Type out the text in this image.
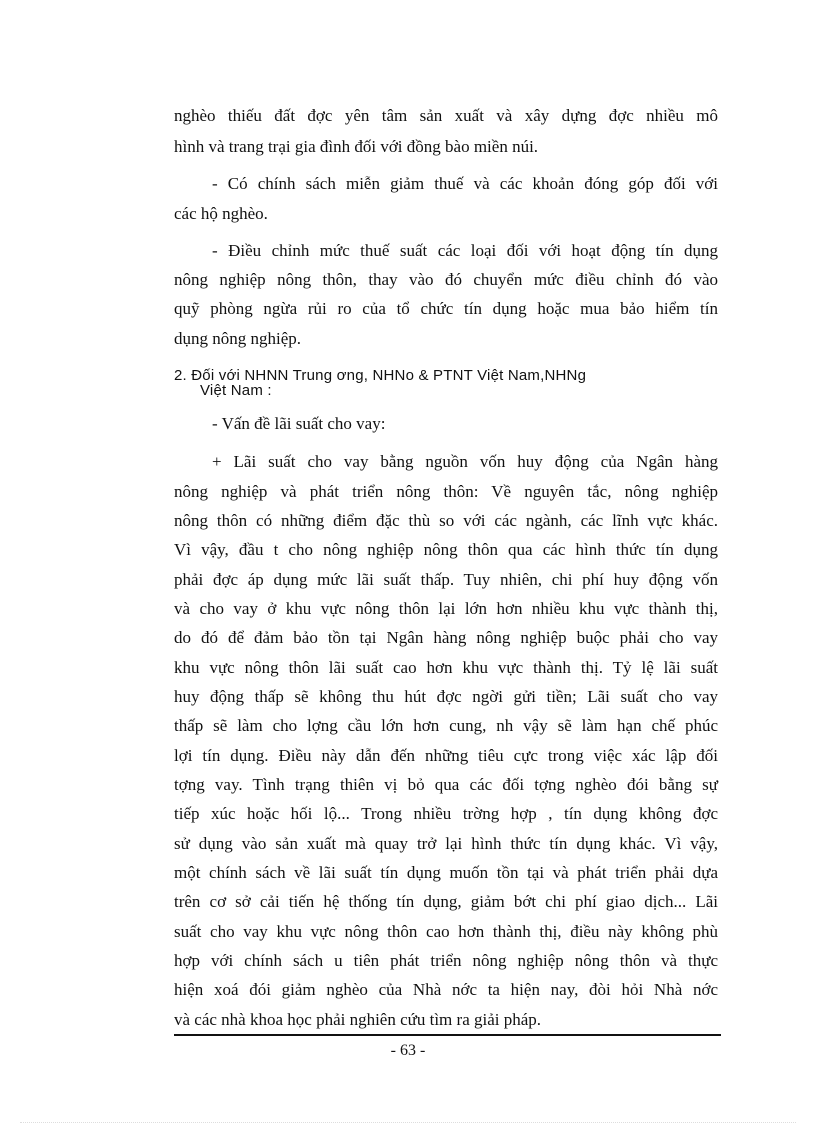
nghèo thiếu đất đợc yên tâm sản xuất và xây dựng đợc nhiều mô
hình và trang trại gia đình đối với đồng bào miền núi.
- Có chính sách miễn giảm thuế và các khoản đóng góp đối với
các hộ nghèo.
- Điều chỉnh mức thuế suất các loại đối với hoạt động tín dụng
nông nghiệp nông thôn, thay vào đó chuyển mức điều chỉnh đó vào
quỹ phòng ngừa rủi ro của tổ chức tín dụng hoặc mua bảo hiểm tín
dụng nông nghiệp.
2. Đối với NHNN Trung ơng, NHNo & PTNT Việt Nam,NHNg
Việt Nam :
- Vấn đề lãi suất cho vay:
+ Lãi suất cho vay bằng nguồn vốn huy động của Ngân hàng
nông nghiệp và phát triển nông thôn: Về nguyên tắc, nông nghiệp
nông thôn có những điểm đặc thù so với các ngành, các lĩnh vực khác.
Vì vậy, đầu t cho nông nghiệp nông thôn qua các hình thức tín dụng
phải đợc áp dụng mức lãi suất thấp. Tuy nhiên, chi phí huy động vốn
và cho vay ở khu vực nông thôn lại lớn hơn nhiều khu vực thành thị,
do đó để đảm bảo tồn tại Ngân hàng nông nghiệp buộc phải cho vay
khu vực nông thôn lãi suất cao hơn khu vực thành thị. Tỷ lệ lãi suất
huy động thấp sẽ không thu hút đợc ngời gửi tiền; Lãi suất cho vay
thấp sẽ làm cho lợng cầu lớn hơn cung, nh vậy sẽ làm hạn chế phúc
lợi tín dụng. Điều này dẫn đến những tiêu cực trong việc xác lập đối
tợng vay. Tình trạng thiên vị bỏ qua các đối tợng nghèo đói bằng sự
tiếp xúc hoặc hối lộ... Trong nhiều trờng hợp , tín dụng không đợc
sử dụng vào sản xuất mà quay trở lại hình thức tín dụng khác. Vì vậy,
một chính sách về lãi suất tín dụng muốn tồn tại và phát triển phải dựa
trên cơ sở cải tiến hệ thống tín dụng, giảm bớt chi phí giao dịch... Lãi
suất cho vay khu vực nông thôn cao hơn thành thị, điều này không phù
hợp với chính sách u tiên phát triển nông nghiệp nông thôn và thực
hiện xoá đói giảm nghèo của Nhà nớc ta hiện nay, đòi hỏi Nhà nớc
và các nhà khoa học phải nghiên cứu tìm ra giải pháp.
- 63 -
